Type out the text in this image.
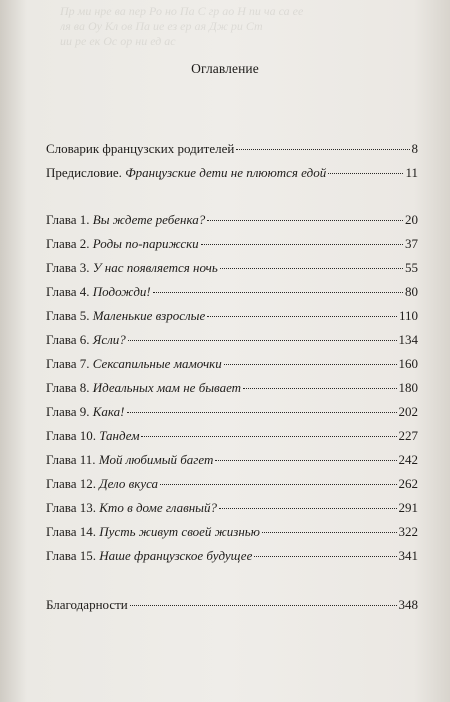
Пр ми нре ва пер Ро но Па С гр ао Н пи ча са ее
ля ва Оу Кл ов Па ие ез ер ая Дж ри Ст
ии ре ек Ос ор ни ед ас
Оглавление
Словарик французских родителей	8
Предисловие. Французские дети не плюются едой	11
Глава 1. Вы ждете ребенка?	20
Глава 2. Роды по-парижски	37
Глава 3. У нас появляется ночь	55
Глава 4. Подожди!	80
Глава 5. Маленькие взрослые	110
Глава 6. Ясли?	134
Глава 7. Сексапильные мамочки	160
Глава 8. Идеальных мам не бывает	180
Глава 9. Кака!	202
Глава 10. Тандем	227
Глава 11. Мой любимый багет	242
Глава 12. Дело вкуса	262
Глава 13. Кто в доме главный?	291
Глава 14. Пусть живут своей жизнью	322
Глава 15. Наше французское будущее	341
Благодарности	348
